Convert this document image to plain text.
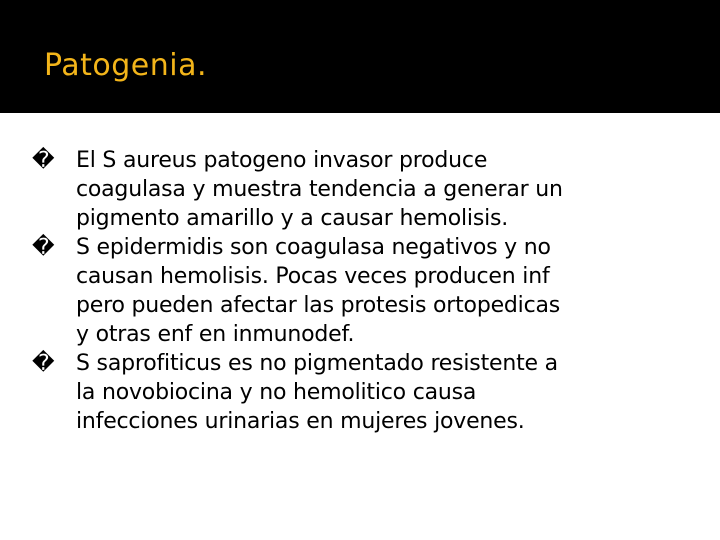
Patogenia.
� El S aureus patogeno invasor produce
coagulasa y muestra tendencia a generar un
pigmento amarillo y a causar hemolisis.
� S epidermidis son coagulasa negativos y no
causan hemolisis. Pocas veces producen inf
pero pueden afectar las protesis ortopedicas
y otras enf en inmunodef.
� S saprofiticus es no pigmentado resistente a
la novobiocina y no hemolitico causa
infecciones urinarias en mujeres jovenes.
